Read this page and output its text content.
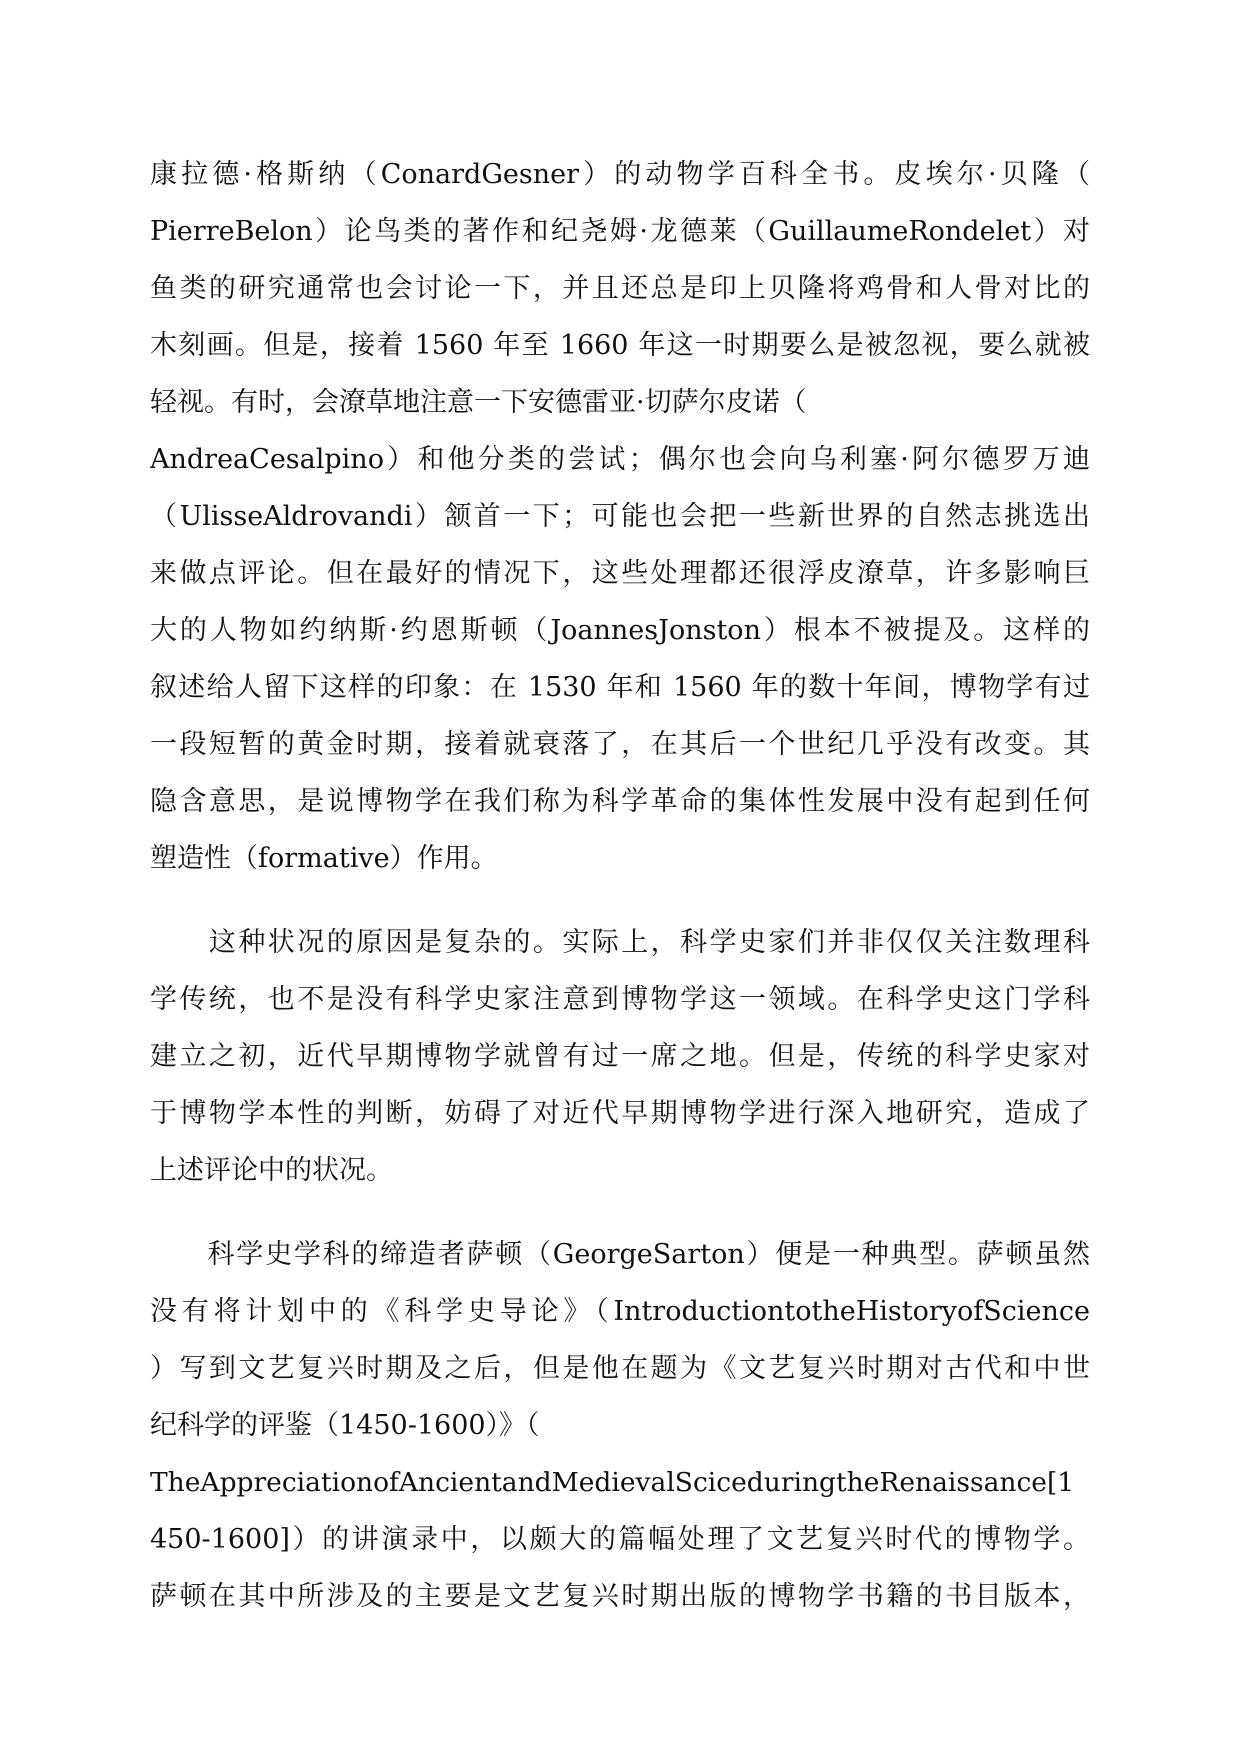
康拉德·格斯纳（ConardGesner）的动物学百科全书。皮埃尔·贝隆（
PierreBelon）论鸟类的著作和纪尧姆·龙德莱（GuillaumeRondelet）对
鱼类的研究通常也会讨论一下，并且还总是印上贝隆将鸡骨和人骨对比的
木刻画。但是，接着 1560 年至 1660 年这一时期要么是被忽视，要么就被
轻视。有时，会潦草地注意一下安德雷亚·切萨尔皮诺（
AndreaCesalpino）和他分类的尝试；偶尔也会向乌利塞·阿尔德罗万迪
（UlisseAldrovandi）颔首一下；可能也会把一些新世界的自然志挑选出
来做点评论。但在最好的情况下，这些处理都还很浮皮潦草，许多影响巨
大的人物如约纳斯·约恩斯顿（JoannesJonston）根本不被提及。这样的
叙述给人留下这样的印象：在 1530 年和 1560 年的数十年间，博物学有过
一段短暂的黄金时期，接着就衰落了，在其后一个世纪几乎没有改变。其
隐含意思，是说博物学在我们称为科学革命的集体性发展中没有起到任何
塑造性（formative）作用。
　　这种状况的原因是复杂的。实际上，科学史家们并非仅仅关注数理科
学传统，也不是没有科学史家注意到博物学这一领域。在科学史这门学科
建立之初，近代早期博物学就曾有过一席之地。但是，传统的科学史家对
于博物学本性的判断，妨碍了对近代早期博物学进行深入地研究，造成了
上述评论中的状况。
　　科学史学科的缔造者萨顿（GeorgeSarton）便是一种典型。萨顿虽然
没有将计划中的《科学史导论》（IntroductiontotheHistoryofScience
）写到文艺复兴时期及之后，但是他在题为《文艺复兴时期对古代和中世
纪科学的评鉴（1450-1600）》（
TheAppreciationofAncientandMedievalSciceduringtheRenaissance[1
450-1600]）的讲演录中，以颇大的篇幅处理了文艺复兴时代的博物学。
萨顿在其中所涉及的主要是文艺复兴时期出版的博物学书籍的书目版本，
